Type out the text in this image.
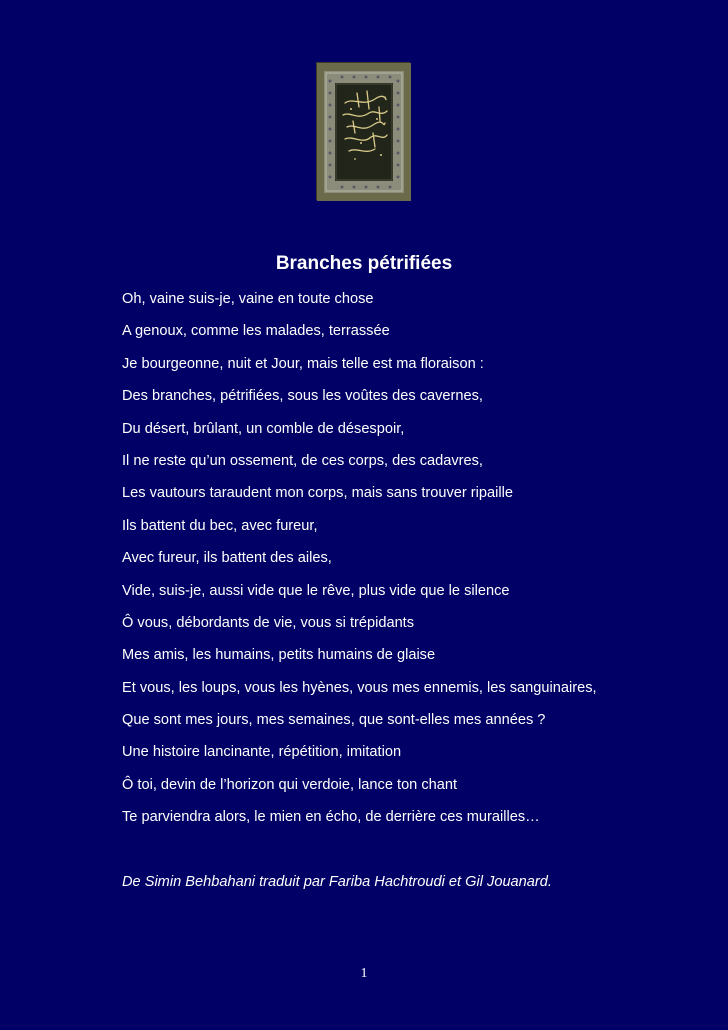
Branches pétrifiées
Oh, vaine suis-je, vaine en toute chose
A genoux, comme les malades, terrassée
Je bourgeonne, nuit et Jour, mais telle est ma floraison :
Des branches, pétrifiées, sous les voûtes des cavernes,
Du désert, brûlant, un comble de désespoir,
Il ne reste qu’un ossement, de ces corps, des cadavres,
Les vautours taraudent mon corps, mais sans trouver ripaille
Ils battent du bec, avec fureur,
Avec fureur, ils battent des ailes,
Vide, suis-je, aussi vide que le rêve, plus vide que le silence
Ô vous, débordants de vie, vous si trépidants
Mes amis, les humains, petits humains de glaise
Et vous, les loups, vous les hyènes, vous mes ennemis, les sanguinaires,
Que sont mes jours, mes semaines, que sont-elles mes années ?
Une histoire lancinante, répétition, imitation
Ô toi, devin de l’horizon qui verdoie, lance ton chant
Te parviendra alors, le mien en écho, de derrière ces murailles…

De Simin Behbahani traduit par Fariba Hachtroudi et Gil Jouanard.

1
